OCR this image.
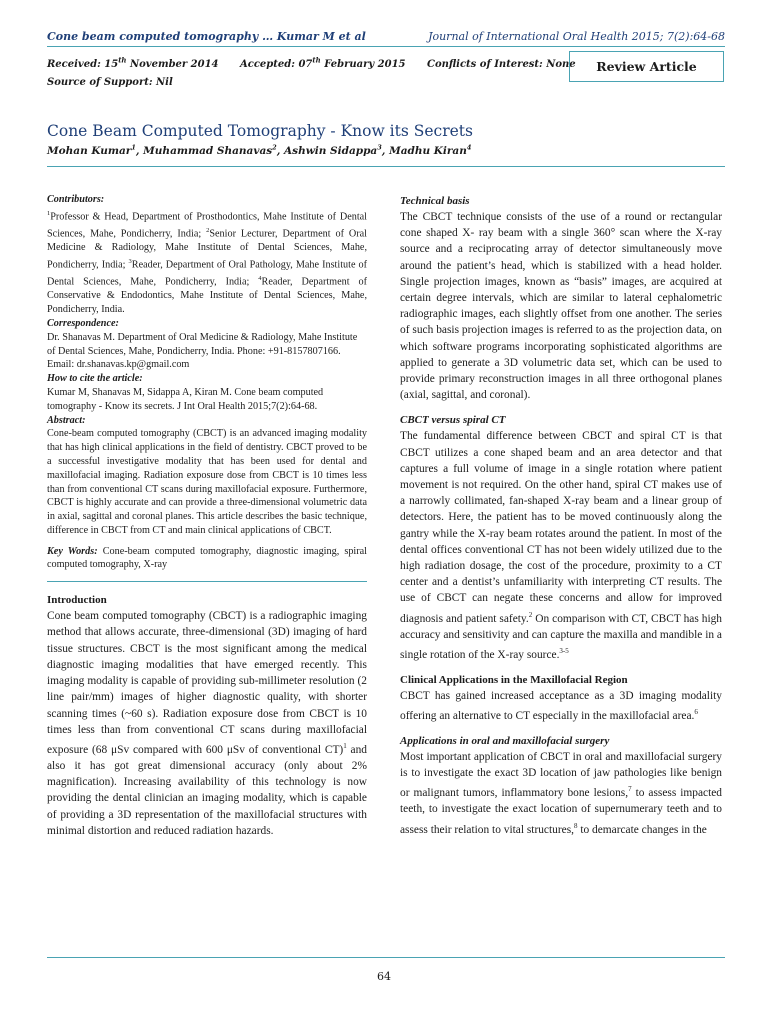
Cone beam computed tomography … Kumar M et al	Journal of International Oral Health 2015; 7(2):64-68
Received: 15th November 2014 Accepted: 07th February 2015 Conflicts of Interest: None
Source of Support: Nil
Review Article
Cone Beam Computed Tomography - Know its Secrets
Mohan Kumar$^1$, Muhammad Shanavas$^2$, Ashwin Sidappa$^3$, Madhu Kiran$^4$

Contributors:

$^1$Professor & Head, Department of Prosthodontics, Mahe Institute of Dental Sciences, Mahe, Pondicherry, India; $^2$Senior Lecturer, Department of Oral Medicine & Radiology, Mahe Institute of Dental Sciences, Mahe, Pondicherry, India; $^3$Reader, Department of Oral Pathology, Mahe Institute of Dental Sciences, Mahe, Pondicherry, India; $^4$Reader, Department of Conservative & Endodontics, Mahe Institute of Dental Sciences, Mahe, Pondicherry, India.

Correspondence:

Dr. Shanavas M. Department of Oral Medicine & Radiology, Mahe Institute of Dental Sciences, Mahe, Pondicherry, India. Phone: +91-8157807166. Email: dr.shanavas.kp@gmail.com

How to cite the article:

Kumar M, Shanavas M, Sidappa A, Kiran M. Cone beam computed tomography - Know its secrets. J Int Oral Health 2015;7(2):64-68.

Abstract:

Cone-beam computed tomography (CBCT) is an advanced imaging modality that has high clinical applications in the field of dentistry. CBCT proved to be a successful investigative modality that has been used for dental and maxillofacial imaging. Radiation exposure dose from CBCT is 10 times less than from conventional CT scans during maxillofacial exposure. Furthermore, CBCT is highly accurate and can provide a three-dimensional volumetric data in axial, sagittal and coronal planes. This article describes the basic technique, difference in CBCT from CT and main clinical applications of CBCT.

Key Words: Cone-beam computed tomography, diagnostic imaging, spiral computed tomography, X-ray

Introduction

Cone beam computed tomography (CBCT) is a radiographic imaging method that allows accurate, three-dimensional (3D) imaging of hard tissue structures. CBCT is the most significant among the medical diagnostic imaging modalities that have emerged recently. This imaging modality is capable of providing sub-millimeter resolution (2 line pair/mm) images of higher diagnostic quality, with shorter scanning times (~60 s). Radiation exposure dose from CBCT is 10 times less than from conventional CT scans during maxillofacial exposure (68 μSv compared with 600 μSv of conventional CT)$^1$ and also it has got great dimensional accuracy (only about 2% magnification). Increasing availability of this technology is now providing the dental clinician an imaging modality, which is capable of providing a 3D representation of the maxillofacial structures with minimal distortion and reduced radiation hazards.

Technical basis

The CBCT technique consists of the use of a round or rectangular cone shaped X- ray beam with a single 360° scan where the X-ray source and a reciprocating array of detector simultaneously move around the patient’s head, which is stabilized with a head holder. Single projection images, known as “basis” images, are acquired at certain degree intervals, which are similar to lateral cephalometric radiographic images, each slightly offset from one another. The series of such basis projection images is referred to as the projection data, on which software programs incorporating sophisticated algorithms are applied to generate a 3D volumetric data set, which can be used to provide primary reconstruction images in all three orthogonal planes (axial, sagittal, and coronal).

CBCT versus spiral CT

The fundamental difference between CBCT and spiral CT is that CBCT utilizes a cone shaped beam and an area detector and that captures a full volume of image in a single rotation where patient movement is not required. On the other hand, spiral CT makes use of a narrowly collimated, fan-shaped X-ray beam and a linear group of detectors. Here, the patient has to be moved continuously along the gantry while the X-ray beam rotates around the patient. In most of the dental offices conventional CT has not been widely utilized due to the high radiation dosage, the cost of the procedure, proximity to a CT center and a dentist’s unfamiliarity with interpreting CT results. The use of CBCT can negate these concerns and allow for improved diagnosis and patient safety.$^2$ On comparison with CT, CBCT has high accuracy and sensitivity and can capture the maxilla and mandible in a single rotation of the X-ray source.$^{3-5}$

Clinical Applications in the Maxillofacial Region

CBCT has gained increased acceptance as a 3D imaging modality offering an alternative to CT especially in the maxillofacial area.$^6$

Applications in oral and maxillofacial surgery

Most important application of CBCT in oral and maxillofacial surgery is to investigate the exact 3D location of jaw pathologies like benign or malignant tumors, inflammatory bone lesions,$^7$ to assess impacted teeth, to investigate the exact location of supernumerary teeth and to assess their relation to vital structures,$^8$ to demarcate changes in the

64
